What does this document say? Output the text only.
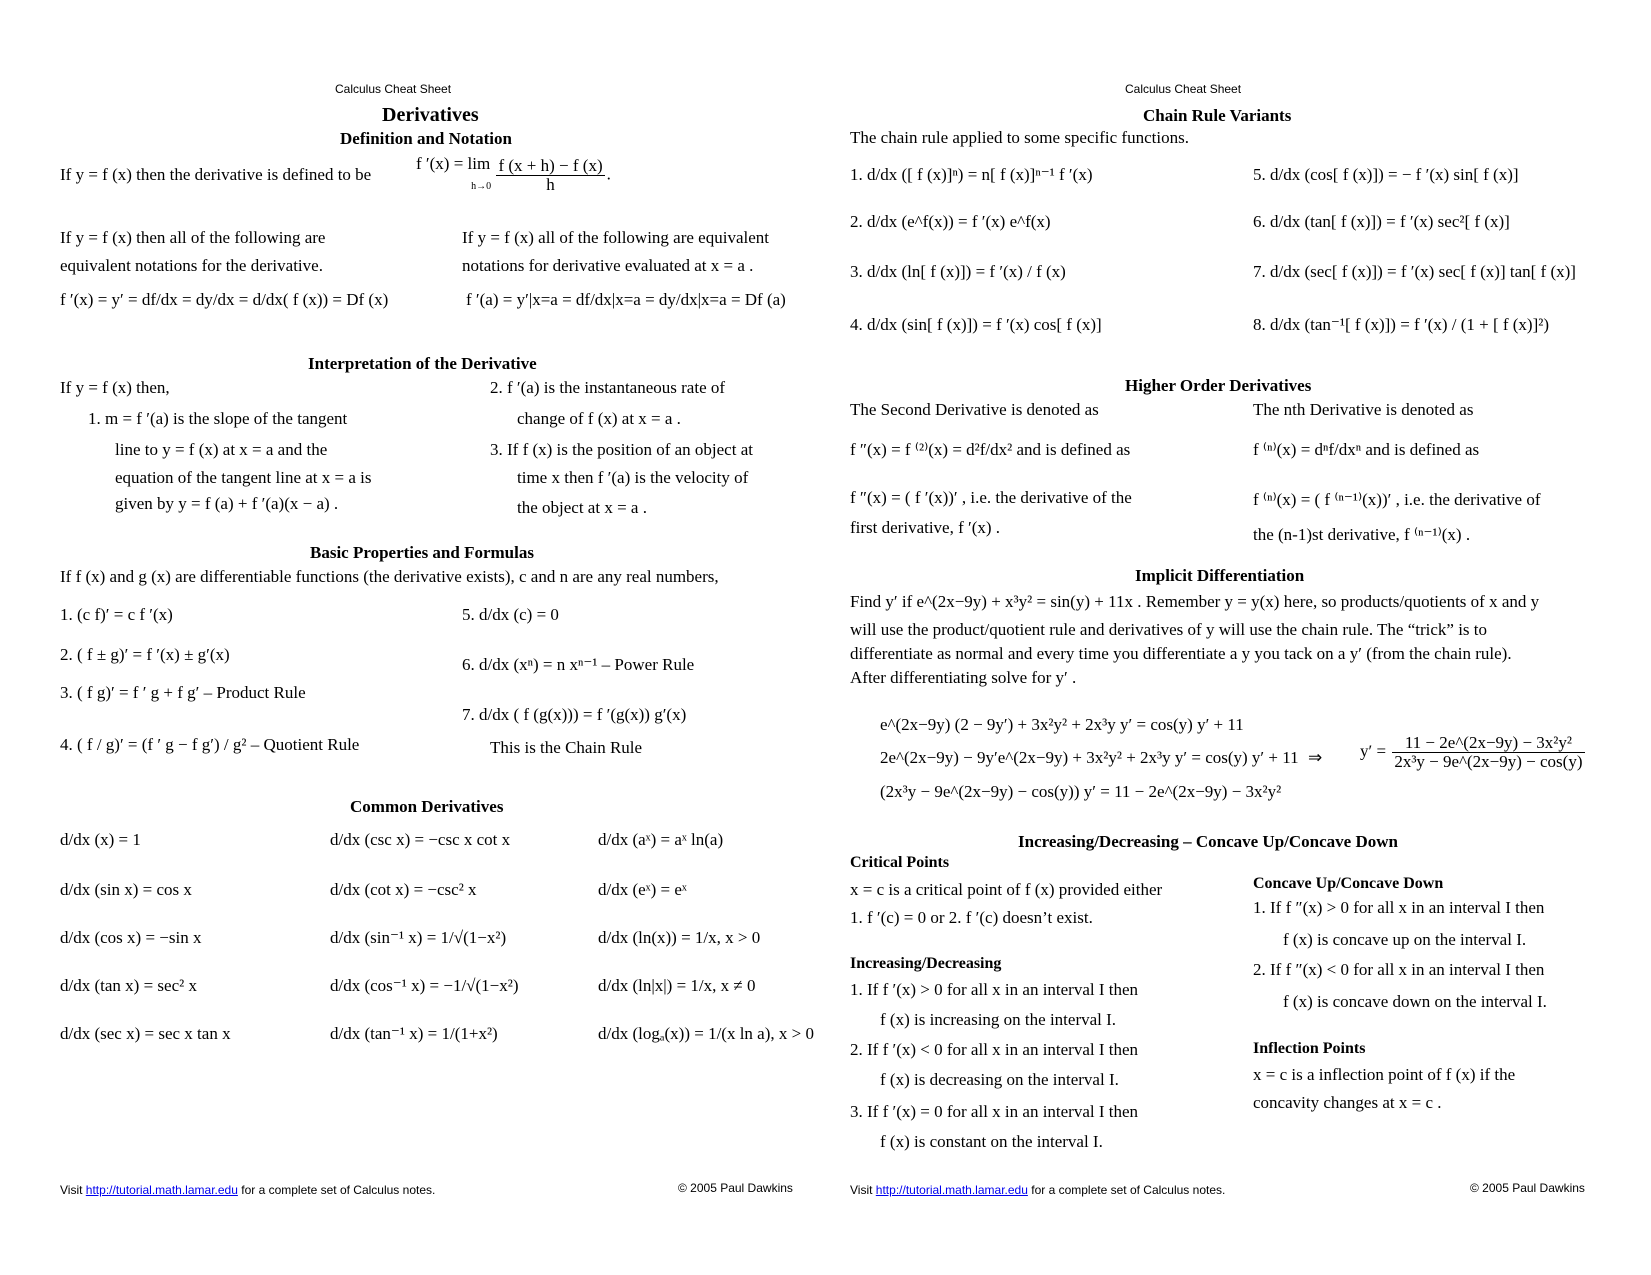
Calculus Cheat Sheet
Derivatives
Definition and Notation
If y = f (x) then the derivative is defined to be
f ′(x) = lim
$h\to 0 \frac{f (x + h) - f (x)}{h}$ .
If y = f (x) then all of the following are
equivalent notations for the derivative.
f ′(x) = y′ = df/dx = dy/dx = d/dx( f (x)) = Df (x)
If y = f (x) all of the following are equivalent
notations for derivative evaluated at x = a .
f ′(a) = y′|x=a = df/dx|x=a = dy/dx|x=a = Df (a)
Interpretation of the Derivative
If y = f (x) then,
1. m = f ′(a) is the slope of the tangent
line to y = f (x) at x = a and the
equation of the tangent line at x = a is
given by y = f (a) + f ′(a)(x − a) .
2. f ′(a) is the instantaneous rate of
change of f (x) at x = a .
3. If f (x) is the position of an object at
time x then f ′(a) is the velocity of
the object at x = a .
Basic Properties and Formulas
If f (x) and g (x) are differentiable functions (the derivative exists), c and n are any real numbers,
1. (c f)′ = c f ′(x)
2. ( f ± g)′ = f ′(x) ± g′(x)
3. ( f g)′ = f ′ g + f g′ – Product Rule
4. ( f / g)′ = (f ′ g − f g′) / g² – Quotient Rule
5. d/dx (c) = 0
6. d/dx (xⁿ) = n xⁿ⁻¹ – Power Rule
7. d/dx ( f (g(x))) = f ′(g(x)) g′(x)
This is the Chain Rule
Common Derivatives
d/dx (x) = 1
d/dx (sin x) = cos x
d/dx (cos x) = −sin x
d/dx (tan x) = sec² x
d/dx (sec x) = sec x tan x
d/dx (csc x) = −csc x cot x
d/dx (cot x) = −csc² x
d/dx (sin⁻¹ x) = 1/√(1−x²)
d/dx (cos⁻¹ x) = −1/√(1−x²)
d/dx (tan⁻¹ x) = 1/(1+x²)
d/dx (aˣ) = aˣ ln(a)
d/dx (eˣ) = eˣ
d/dx (ln(x)) = 1/x, x > 0
d/dx (ln|x|) = 1/x, x ≠ 0
d/dx (logₐ(x)) = 1/(x ln a), x > 0
Visit http://tutorial.math.lamar.edu for a complete set of Calculus notes.	© 2005 Paul Dawkins
Calculus Cheat Sheet
Chain Rule Variants
The chain rule applied to some specific functions.
1. d/dx ([ f (x)]ⁿ) = n[ f (x)]ⁿ⁻¹ f ′(x)
2. d/dx (e^f(x)) = f ′(x) e^f(x)
3. d/dx (ln[ f (x)]) = f ′(x) / f (x)
4. d/dx (sin[ f (x)]) = f ′(x) cos[ f (x)]
5. d/dx (cos[ f (x)]) = − f ′(x) sin[ f (x)]
6. d/dx (tan[ f (x)]) = f ′(x) sec²[ f (x)]
7. d/dx (sec[ f (x)]) = f ′(x) sec[ f (x)] tan[ f (x)]
8. d/dx (tan⁻¹[ f (x)]) = f ′(x) / (1 + [ f (x)]²)
Higher Order Derivatives
The Second Derivative is denoted as
f ″(x) = f ⁽²⁾(x) = d²f/dx² and is defined as
f ″(x) = ( f ′(x))′ , i.e. the derivative of the
first derivative, f ′(x) .
The nth Derivative is denoted as
f ⁽ⁿ⁾(x) = dⁿf/dxⁿ and is defined as
f ⁽ⁿ⁾(x) = ( f ⁽ⁿ⁻¹⁾(x))′ , i.e. the derivative of
the (n-1)st derivative, f ⁽ⁿ⁻¹⁾(x) .
Implicit Differentiation
Find y′ if e^(2x−9y) + x³y² = sin(y) + 11x . Remember y = y(x) here, so products/quotients of x and y
will use the product/quotient rule and derivatives of y will use the chain rule. The “trick” is to
differentiate as normal and every time you differentiate a y you tack on a y′ (from the chain rule).
After differentiating solve for y′ .
e^(2x−9y) (2 − 9y′) + 3x²y² + 2x³y y′ = cos(y) y′ + 11
2e^(2x−9y) − 9y′e^(2x−9y) + 3x²y² + 2x³y y′ = cos(y) y′ + 11
(2x³y − 9e^(2x−9y) − cos(y)) y′ = 11 − 2e^(2x−9y) − 3x²y²
⇒ $y' = \frac{\text{11 − 2e\textasciicircum{}(2x−9y) − 3x²y²}}{\text{2x³y − 9e\textasciicircum{}(2x−9y) − cos(y)}}$
Increasing/Decreasing – Concave Up/Concave Down
Critical Points
x = c is a critical point of f (x) provided either
1. f ′(c) = 0 or 2. f ′(c) doesn’t exist.
Increasing/Decreasing
1. If f ′(x) > 0 for all x in an interval I then
f (x) is increasing on the interval I.
2. If f ′(x) < 0 for all x in an interval I then
f (x) is decreasing on the interval I.
3. If f ′(x) = 0 for all x in an interval I then
f (x) is constant on the interval I.
Concave Up/Concave Down
1. If f ″(x) > 0 for all x in an interval I then
f (x) is concave up on the interval I.
2. If f ″(x) < 0 for all x in an interval I then
f (x) is concave down on the interval I.
Inflection Points
x = c is a inflection point of f (x) if the
concavity changes at x = c .
Visit http://tutorial.math.lamar.edu for a complete set of Calculus notes.	© 2005 Paul Dawkins
